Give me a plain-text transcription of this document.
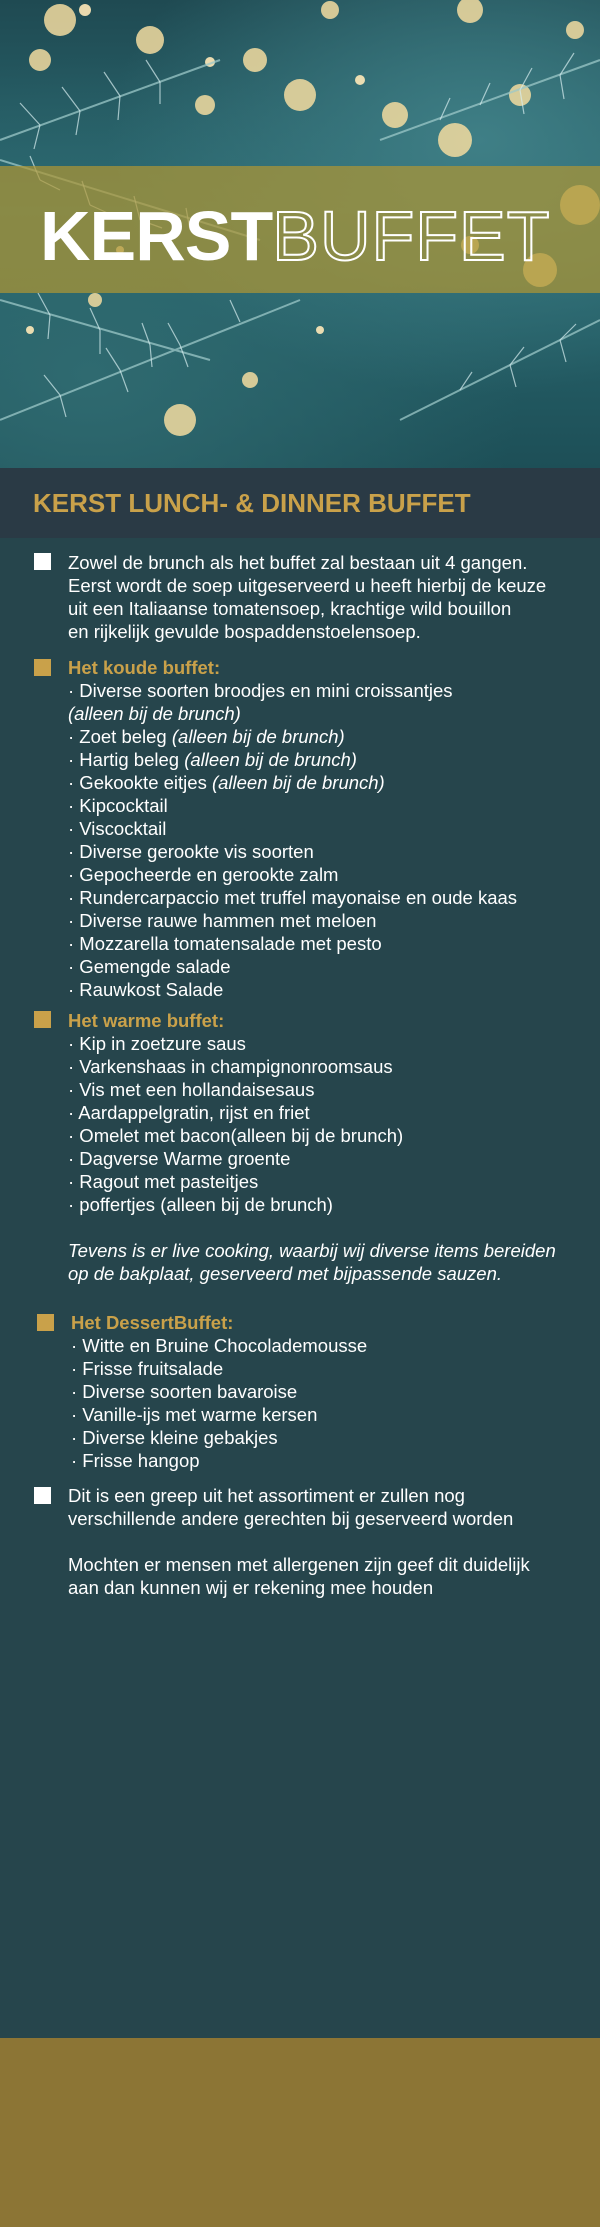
KERSTBUFFET
KERST LUNCH- & DINNER BUFFET
Zowel de brunch als het buffet zal bestaan uit 4 gangen.
Eerst wordt de soep uitgeserveerd u heeft hierbij de keuze
uit een Italiaanse tomatensoep, krachtige wild bouillon
en rijkelijk gevulde bospaddenstoelensoep.
Het koude buffet:
· Diverse soorten broodjes en mini croissantjes
(alleen bij de brunch)
· Zoet beleg (alleen bij de brunch)
· Hartig beleg (alleen bij de brunch)
· Gekookte eitjes (alleen bij de brunch)
· Kipcocktail
· Viscocktail
· Diverse gerookte vis soorten
· Gepocheerde en gerookte zalm
· Rundercarpaccio met truffel mayonaise en oude kaas
· Diverse rauwe hammen met meloen
· Mozzarella tomatensalade met pesto
· Gemengde salade
· Rauwkost Salade
Het warme buffet:
· Kip in zoetzure saus
· Varkenshaas in champignonroomsaus
· Vis met een hollandaisesaus
· Aardappelgratin, rijst en friet
· Omelet met bacon(alleen bij de brunch)
· Dagverse Warme groente
· Ragout met pasteitjes
· poffertjes (alleen bij de brunch)
Tevens is er live cooking, waarbij wij diverse items bereiden
op de bakplaat, geserveerd met bijpassende sauzen.
Het DessertBuffet:
· Witte en Bruine Chocolademousse
· Frisse fruitsalade
· Diverse soorten bavaroise
· Vanille-ijs met warme kersen
· Diverse kleine gebakjes
· Frisse hangop
Dit is een greep uit het assortiment er zullen nog
verschillende andere gerechten bij geserveerd worden
Mochten er mensen met allergenen zijn geef dit duidelijk
aan dan kunnen wij er rekening mee houden
